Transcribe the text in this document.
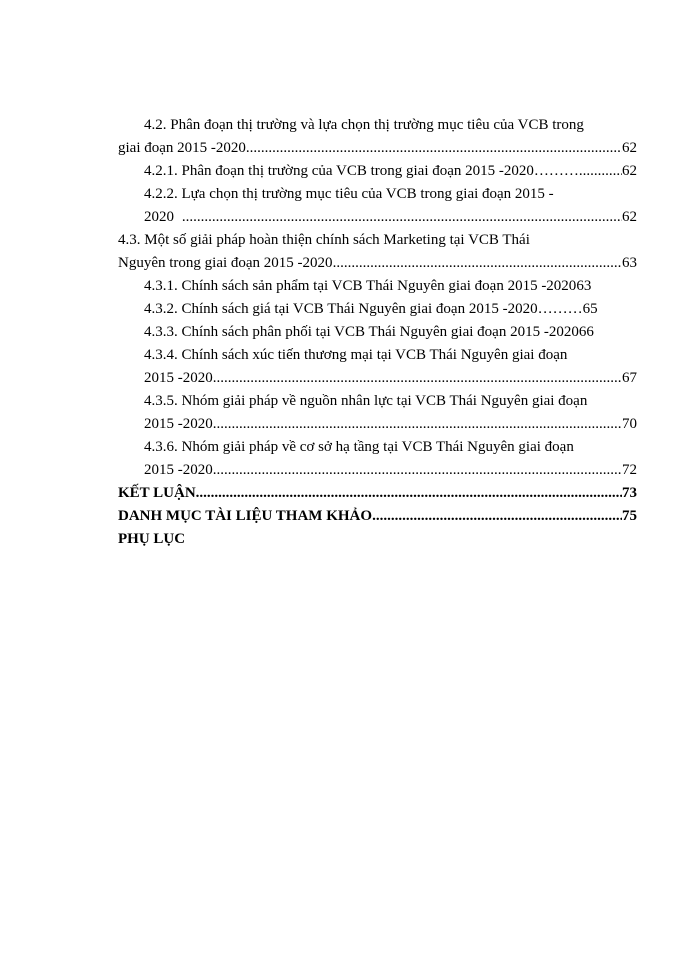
4.2. Phân đoạn thị trường và lựa chọn thị trường mục tiêu của VCB trong
giai đoạn 2015 -2020 .....	62
4.2.1. Phân đoạn thị trường của VCB trong giai đoạn 2015 -2020……… .....	62
4.2.2. Lựa chọn thị trường mục tiêu của VCB trong giai đoạn 2015 -
2020 .....	62
4.3. Một số giải pháp hoàn thiện chính sách Marketing tại VCB Thái
Nguyên trong giai đoạn 2015 -2020 .....	63
4.3.1. Chính sách sản phẩm tại VCB Thái Nguyên giai đoạn 2015 -202063
4.3.2. Chính sách giá tại VCB Thái Nguyên giai đoạn 2015 -2020……… 65
4.3.3. Chính sách phân phối tại VCB Thái Nguyên giai đoạn 2015 -202066
4.3.4. Chính sách xúc tiến thương mại tại VCB Thái Nguyên giai đoạn
2015 -2020 .....	67
4.3.5. Nhóm giải pháp về nguồn nhân lực tại VCB Thái Nguyên giai đoạn
2015 -2020 .....	70
4.3.6. Nhóm giải pháp về cơ sở hạ tầng tại VCB Thái Nguyên giai đoạn
2015 -2020 .....	72
KẾT LUẬN .....	73
DANH MỤC TÀI LIỆU THAM KHẢO .....	75
PHỤ LỤC
